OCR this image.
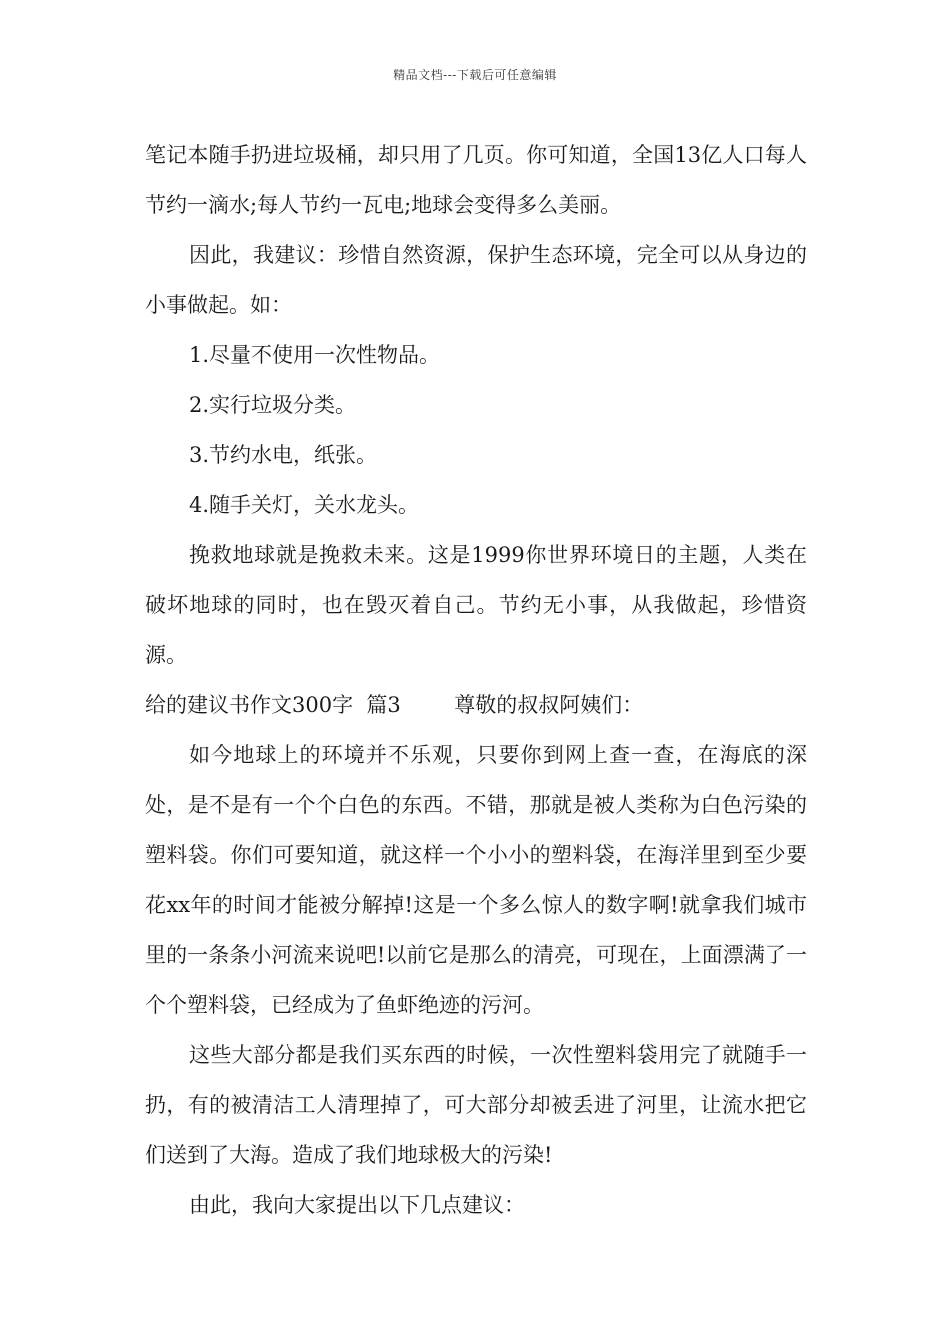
精品文档---下载后可任意编辑

笔记本随手扔进垃圾桶，却只用了几页。你可知道，全国13亿人口每人节约一滴水;每人节约一瓦电;地球会变得多么美丽。

因此，我建议：珍惜自然资源，保护生态环境，完全可以从身边的小事做起。如：

1.尽量不使用一次性物品。

2.实行垃圾分类。

3.节约水电，纸张。

4.随手关灯，关水龙头。

挽救地球就是挽救未来。这是1999你世界环境日的主题，人类在破坏地球的同时，也在毁灭着自己。节约无小事，从我做起，珍惜资源。

给的建议书作文300字  篇3        尊敬的叔叔阿姨们：

如今地球上的环境并不乐观，只要你到网上查一查，在海底的深处，是不是有一个个白色的东西。不错，那就是被人类称为白色污染的塑料袋。你们可要知道，就这样一个小小的塑料袋，在海洋里到至少要花xx年的时间才能被分解掉!这是一个多么惊人的数字啊!就拿我们城市里的一条条小河流来说吧!以前它是那么的清亮，可现在，上面漂满了一个个塑料袋，已经成为了鱼虾绝迹的污河。

这些大部分都是我们买东西的时候，一次性塑料袋用完了就随手一扔，有的被清洁工人清理掉了，可大部分却被丢进了河里，让流水把它们送到了大海。造成了我们地球极大的污染!

由此，我向大家提出以下几点建议：
